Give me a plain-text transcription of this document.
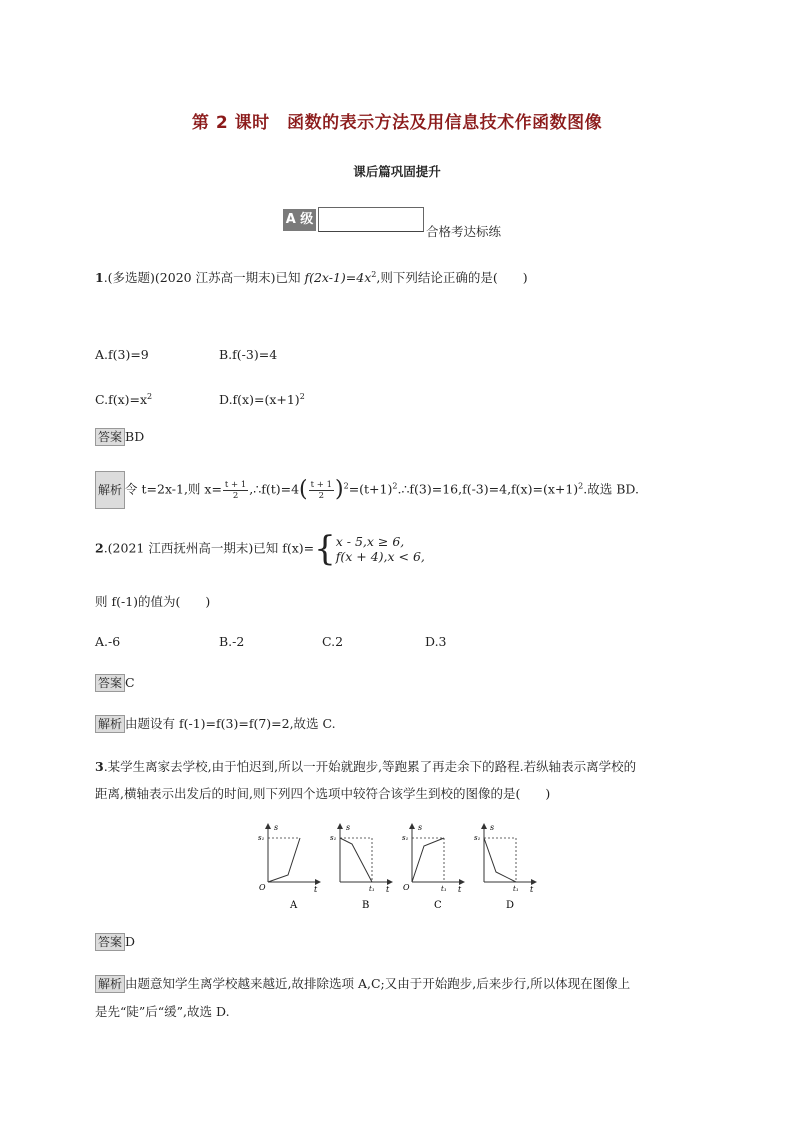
第 2 课时　函数的表示方法及用信息技术作函数图像
课后篇巩固提升
A 级
合格考达标练
1.(多选题)(2020 江苏高一期末)已知 $f(2x-1)=4x^2$,则下列结论正确的是(　　)
A.f(3)=9	B.f(-3)=4
$C.f(x)=x^2$	$D.f(x)=(x+1)^2$
答案 BD
解析 令 t=2x-1,则 $x= \frac{t + 1}{2}$ ,∴f(t)=4( $\frac{t + 1}{2}$ )$^2=(t+1)^2.\therefore f(3)=16,f(-3)=4,f(x)=(x+1)^2$.故选 BD.
2.(2021 江西抚州高一期末)已知 f(x)={ x - 5,x ≥ 6,
f(x + 4),x < 6,
则 f(-1)的值为(　　)
A.-6	B.-2	C.2	D.3
答案 C
解析 由题设有 f(-1)=f(3)=f(7)=2,故选 C.
3.某学生离家去学校,由于怕迟到,所以一开始就跑步,等跑累了再走余下的路程.若纵轴表示离学校的
距离,横轴表示出发后的时间,则下列四个选项中较符合该学生到校的图像的是(　　)
s
s₁
t
O
A
s
s₁
t₁ t
B
s
s₁
t₁ t
O
C
s
s₁
t₁ t
D
答案 D
解析 由题意知学生离学校越来越近,故排除选项 A,C;又由于开始跑步,后来步行,所以体现在图像上
是先“陡”后“缓”,故选 D.
